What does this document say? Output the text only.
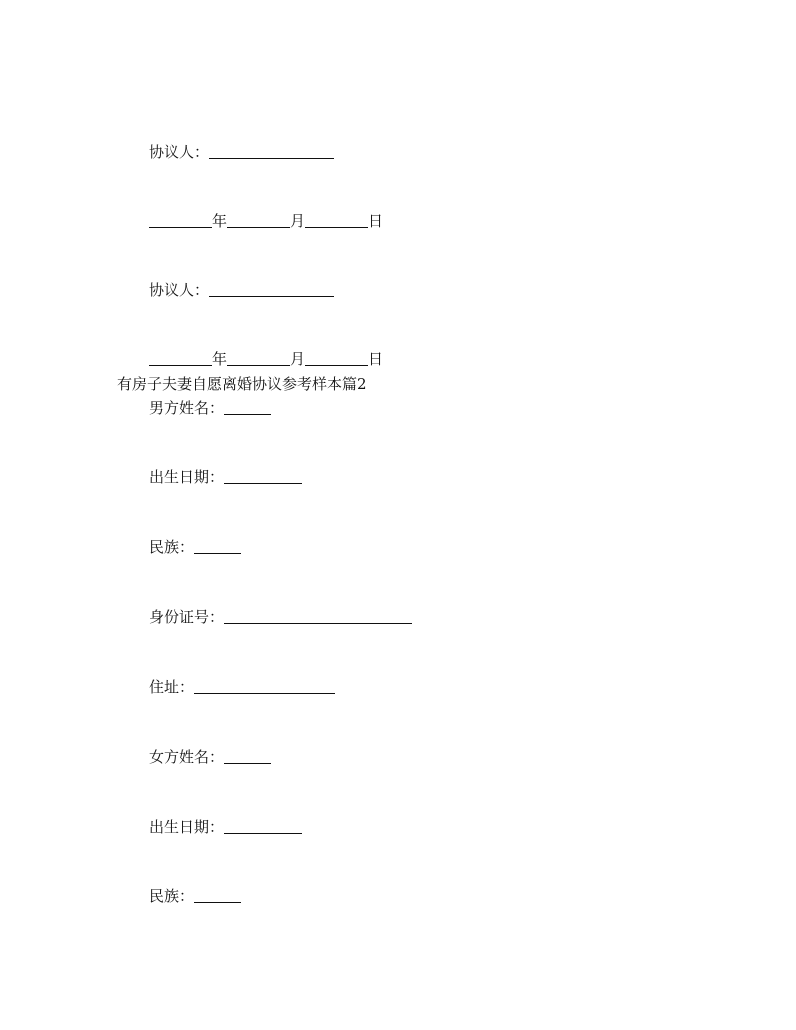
协议人：
年	月	日
协议人：
年	月	日
有房子夫妻自愿离婚协议参考样本篇2
男方姓名：
出生日期：
民族：
身份证号：
住址：
女方姓名：
出生日期：
民族：
